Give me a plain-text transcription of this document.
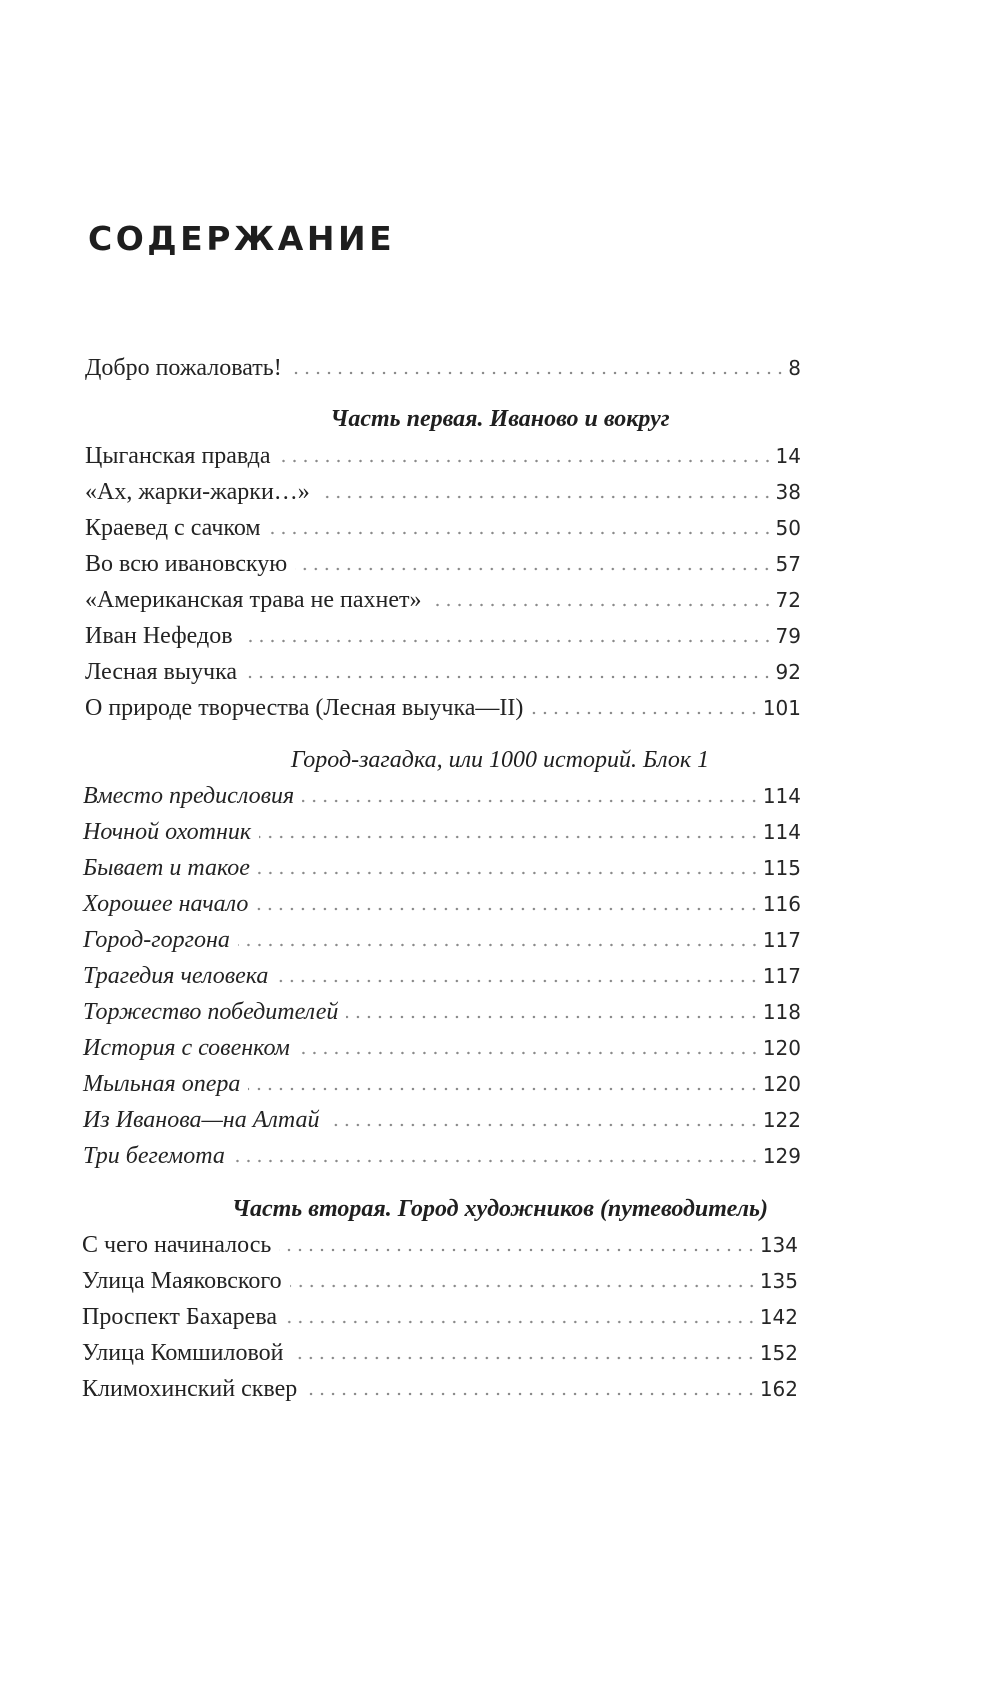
СОДЕРЖАНИЕ
Добро пожаловать!	8
Часть первая. Иваново и вокруг
Цыганская правда	14
«Ах, жарки-жарки…»	38
Краевед с сачком	50
Во всю ивановскую	57
«Американская трава не пахнет»	72
Иван Нефедов	79
Лесная выучка	92
О природе творчества (Лесная выучка—II)	101
Город-загадка, или 1000 историй. Блок 1
Вместо предисловия	114
Ночной охотник	114
Бывает и такое	115
Хорошее начало	116
Город-горгона	117
Трагедия человека	117
Торжество победителей	118
История с совенком	120
Мыльная опера	120
Из Иванова—на Алтай	122
Три бегемота	129
Часть вторая. Город художников (путеводитель)
С чего начиналось	134
Улица Маяковского	135
Проспект Бахарева	142
Улица Комшиловой	152
Климохинский сквер	162
